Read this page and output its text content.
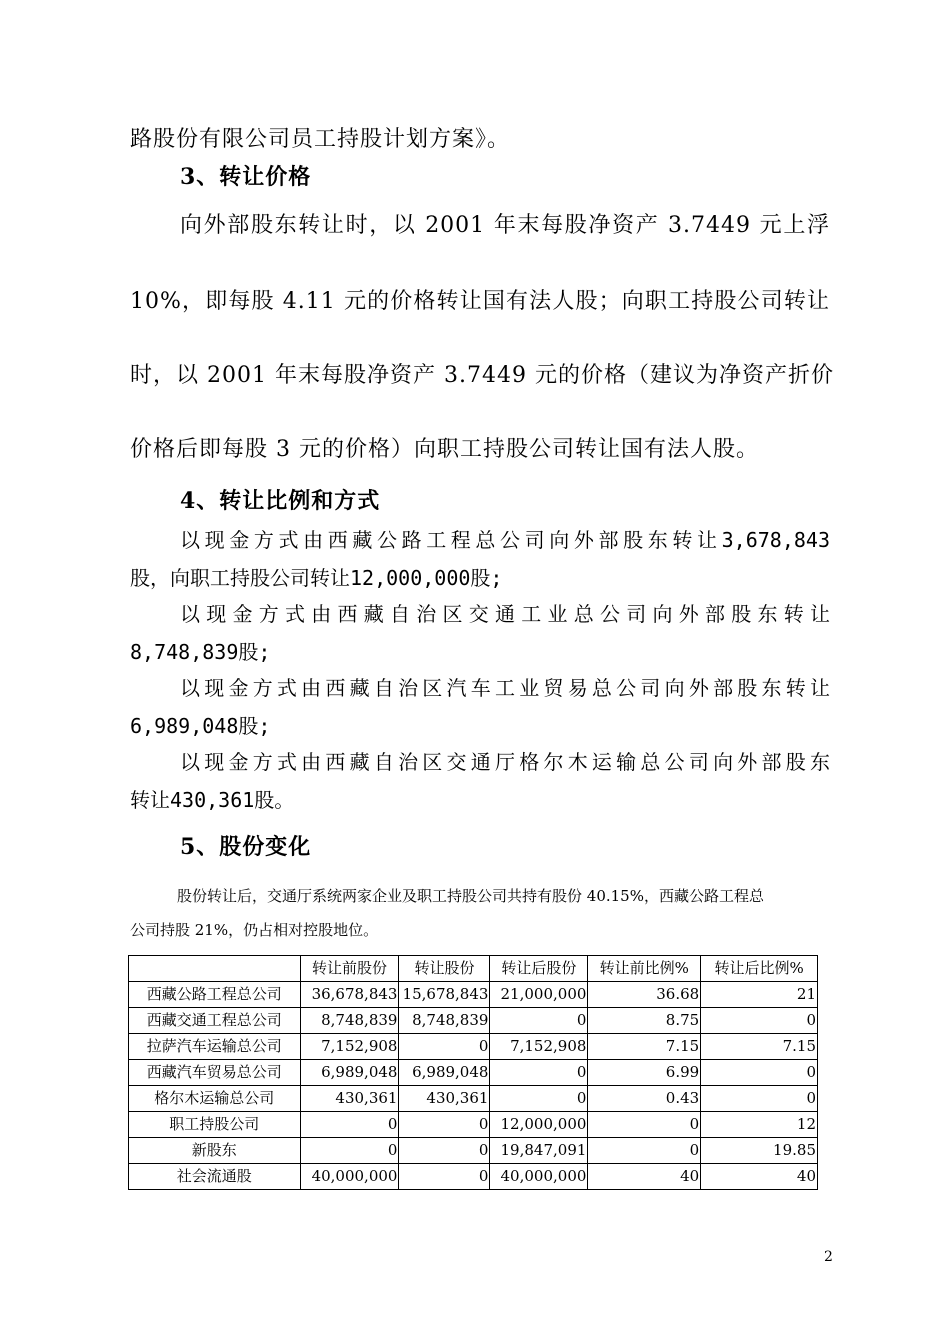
路股份有限公司员工持股计划方案》。
3、转让价格
向外部股东转让时，以 2001 年末每股净资产 3.7449 元上浮
10%，即每股 4.11 元的价格转让国有法人股；向职工持股公司转让
时，以 2001 年末每股净资产 3.7449 元的价格（建议为净资产折价
价格后即每股 3 元的价格）向职工持股公司转让国有法人股。
4、转让比例和方式
以现金方式由西藏公路工程总公司向外部股东转让3,678,843
股，向职工持股公司转让12,000,000股;
以现金方式由西藏自治区交通工业总公司向外部股东转让
8,748,839股;
以现金方式由西藏自治区汽车工业贸易总公司向外部股东转让
6,989,048股;
以现金方式由西藏自治区交通厅格尔木运输总公司向外部股东
转让430,361股。
5、股份变化
股份转让后，交通厅系统两家企业及职工持股公司共持有股份 40.15%，西藏公路工程总
公司持股 21%，仍占相对控股地位。
	转让前股份	转让股份	转让后股份	转让前比例%	转让后比例%
西藏公路工程总公司	36,678,843	15,678,843	21,000,000	36.68	21
西藏交通工程总公司	8,748,839	8,748,839	0	8.75	0
拉萨汽车运输总公司	7,152,908	0	7,152,908	7.15	7.15
西藏汽车贸易总公司	6,989,048	6,989,048	0	6.99	0
格尔木运输总公司	430,361	430,361	0	0.43	0
职工持股公司	0	0	12,000,000	0	12
新股东	0	0	19,847,091	0	19.85
社会流通股	40,000,000	0	40,000,000	40	40
2
